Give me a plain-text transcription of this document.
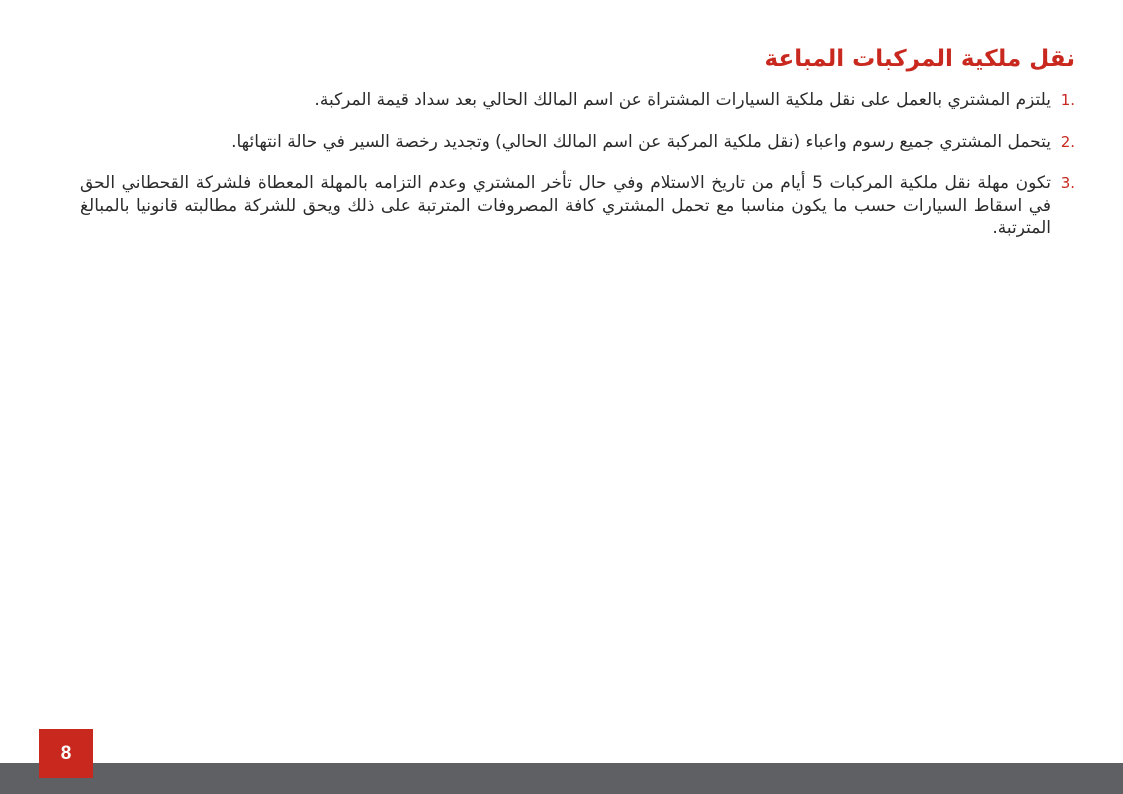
نقل ملكية المركبات المباعة
1.
يلتزم المشتري بالعمل على نقل ملكية السيارات المشتراة عن اسم المالك الحالي بعد سداد قيمة المركبة.
2.
يتحمل المشتري جميع رسوم واعباء (نقل ملكية المركبة عن اسم المالك الحالي) وتجديد رخصة السير في حالة انتهائها.
3.
تكون مهلة نقل ملكية المركبات 5 أيام من تاريخ الاستلام وفي حال تأخر المشتري وعدم التزامه بالمهلة المعطاة فلشركة القحطاني الحق في اسقاط السيارات حسب ما يكون مناسبا مع تحمل المشتري كافة المصروفات المترتبة على ذلك ويحق للشركة مطالبته قانونيا بالمبالغ المترتبة.
8
